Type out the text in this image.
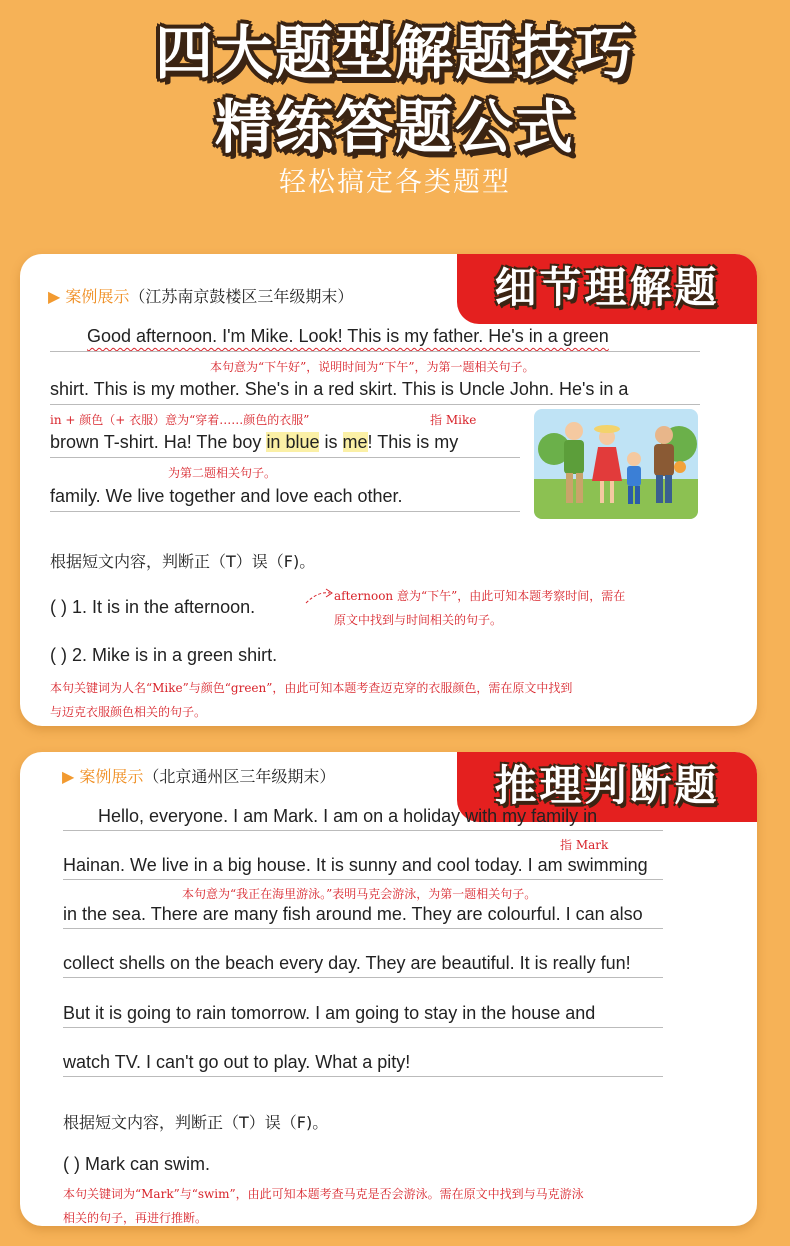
四大题型解题技巧
精练答题公式
轻松搞定各类题型
细节理解题
▶ 案例展示（江苏南京鼓楼区三年级期末）
Good afternoon. I'm Mike. Look! This is my father. He's in a green
本句意为“下午好”，说明时间为“下午”，为第一题相关句子。
shirt. This is my mother. She's in a red skirt. This is Uncle John. He's in a
in + 颜色（+ 衣服）意为“穿着……颜色的衣服”	指 Mike
brown T-shirt. Ha! The boy in blue is me! This is my
为第二题相关句子。
family. We live together and love each other.
根据短文内容，判断正（T）误（F)。
( ) 1. It is in the afternoon.
afternoon 意为“下午”，由此可知本题考察时间，需在
原文中找到与时间相关的句子。
( ) 2. Mike is in a green shirt.
本句关键词为人名“Mike”与颜色“green”，由此可知本题考查迈克穿的衣服颜色，需在原文中找到
与迈克衣服颜色相关的句子。
推理判断题
▶ 案例展示（北京通州区三年级期末）
Hello, everyone. I am Mark. I am on a holiday with my family in
指 Mark
Hainan. We live in a big house. It is sunny and cool today. I am swimming
本句意为“我正在海里游泳。”表明马克会游泳，为第一题相关句子。
in the sea. There are many fish around me. They are colourful. I can also
collect shells on the beach every day. They are beautiful. It is really fun!
But it is going to rain tomorrow. I am going to stay in the house and
watch TV. I can't go out to play. What a pity!
根据短文内容，判断正（T）误（F)。
( ) Mark can swim.
本句关键词为“Mark”与“swim”，由此可知本题考查马克是否会游泳。需在原文中找到与马克游泳
相关的句子，再进行推断。
